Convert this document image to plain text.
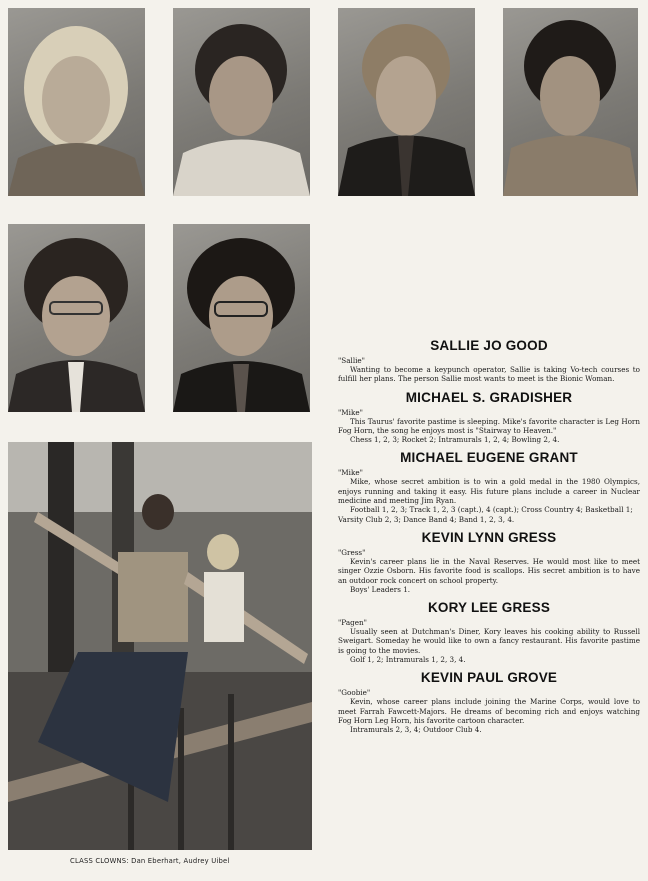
SALLIE JO GOOD

"Sallie"

Wanting to become a keypunch operator, Sallie is taking Vo-tech courses to fulfill her plans. The person Sallie most wants to meet is the Bionic Woman.

MICHAEL S. GRADISHER

"Mike"

This Taurus' favorite pastime is sleeping. Mike's favorite character is Leg Horn Fog Horn, the song he enjoys most is "Stairway to Heaven."

Chess 1, 2, 3; Rocket 2; Intramurals 1, 2, 4; Bowling 2, 4.

MICHAEL EUGENE GRANT

"Mike"

Mike, whose secret ambition is to win a gold medal in the 1980 Olympics, enjoys running and taking it easy. His future plans include a career in Nuclear medicine and meeting Jim Ryan.

Football 1, 2, 3; Track 1, 2, 3 (capt.), 4 (capt.); Cross Country 4; Basketball 1; Varsity Club 2, 3; Dance Band 4; Band 1, 2, 3, 4.

KEVIN LYNN GRESS

"Gress"

Kevin's career plans lie in the Naval Reserves. He would most like to meet singer Ozzie Osborn. His favorite food is scallops. His secret ambition is to have an outdoor rock concert on school property.

Boys' Leaders 1.

KORY LEE GRESS

"Pagen"

Usually seen at Dutchman's Diner, Kory leaves his cooking ability to Russell Sweigart. Someday he would like to own a fancy restaurant. His favorite pastime is going to the movies.

Golf 1, 2; Intramurals 1, 2, 3, 4.

KEVIN PAUL GROVE

"Goobie"

Kevin, whose career plans include joining the Marine Corps, would love to meet Farrah Fawcett-Majors. He dreams of becoming rich and enjoys watching Fog Horn Leg Horn, his favorite cartoon character.

Intramurals 2, 3, 4; Outdoor Club 4.

CLASS CLOWNS: Dan Eberhart, Audrey Uibel
